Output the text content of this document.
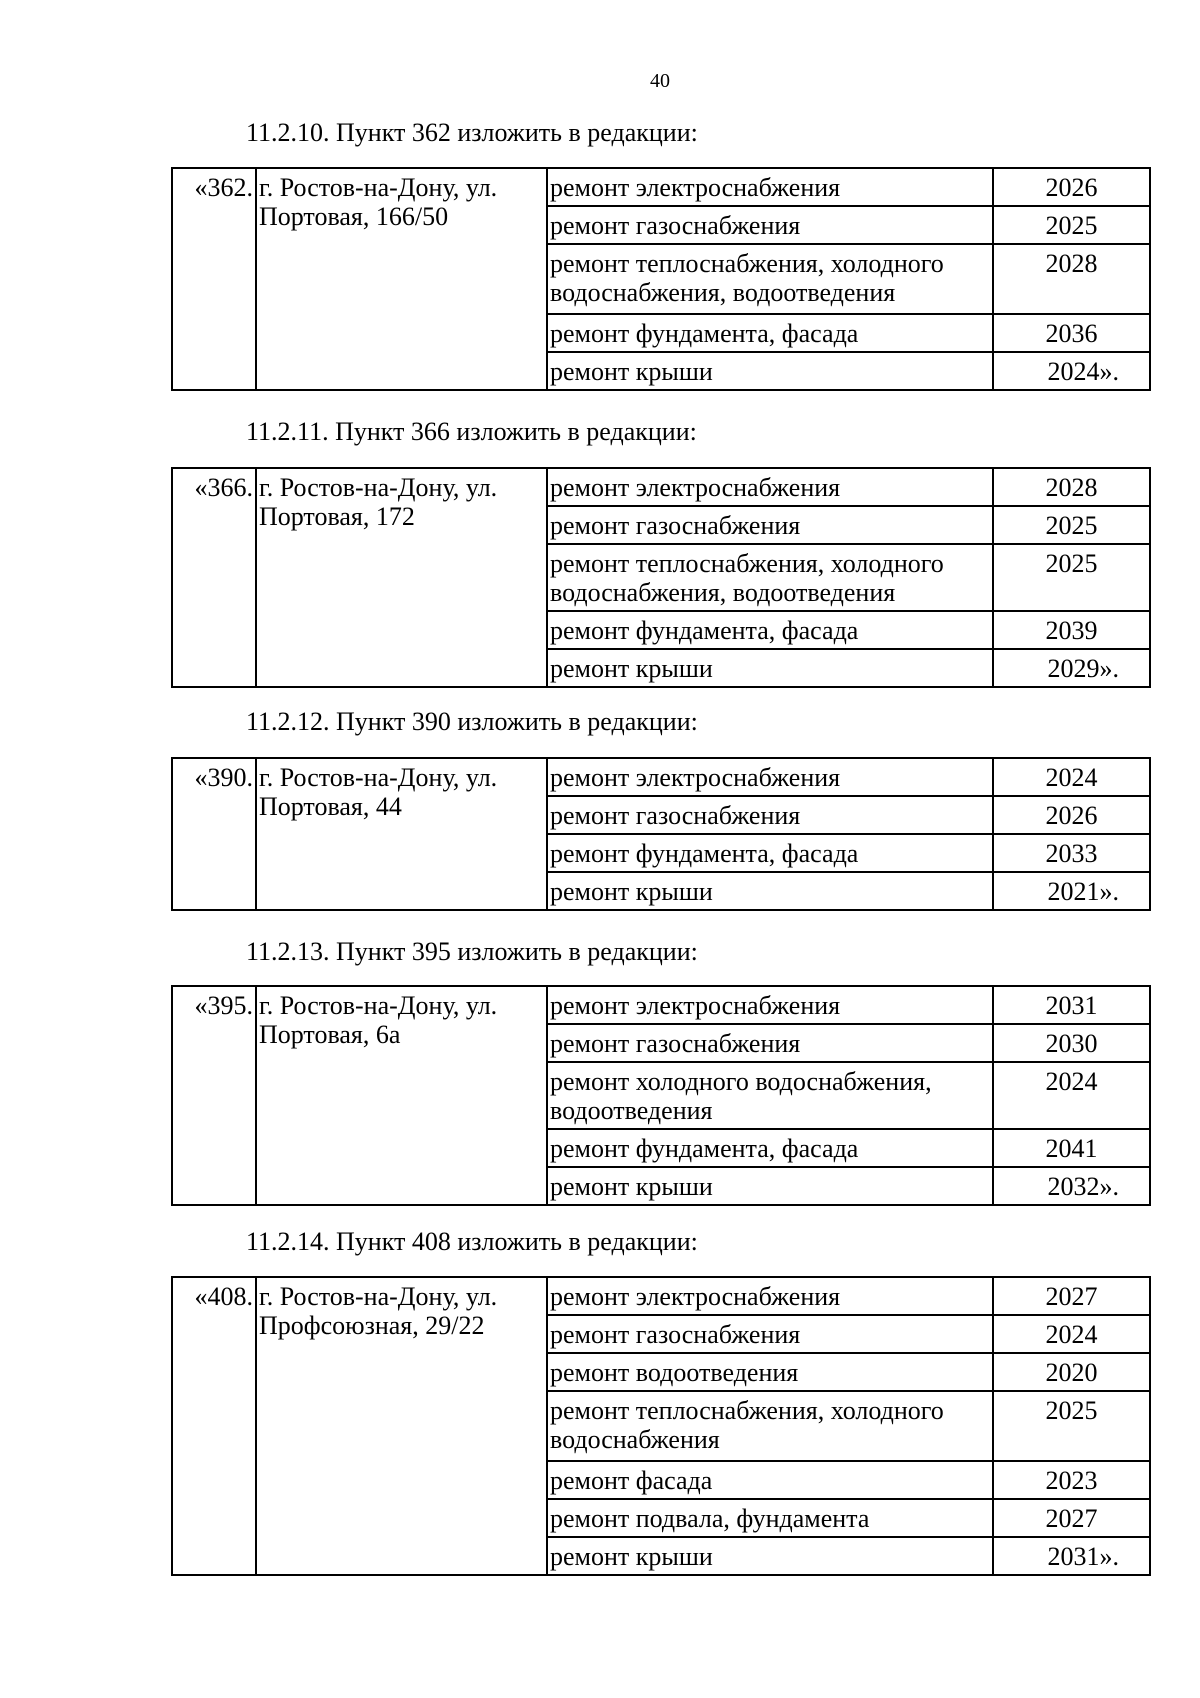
40
11.2.10. Пункт 362 изложить в редакции:
«362.	г. Ростов-на-Дону, ул. Портовая, 166/50	ремонт электроснабжения	2026
		ремонт газоснабжения	2025
		ремонт теплоснабжения, холодного водоснабжения, водоотведения	2028
		ремонт фундамента, фасада	2036
		ремонт крыши	2024».
11.2.11. Пункт 366 изложить в редакции:
«366.	г. Ростов-на-Дону, ул. Портовая, 172	ремонт электроснабжения	2028
		ремонт газоснабжения	2025
		ремонт теплоснабжения, холодного водоснабжения, водоотведения	2025
		ремонт фундамента, фасада	2039
		ремонт крыши	2029».
11.2.12. Пункт 390 изложить в редакции:
«390.	г. Ростов-на-Дону, ул. Портовая, 44	ремонт электроснабжения	2024
		ремонт газоснабжения	2026
		ремонт фундамента, фасада	2033
		ремонт крыши	2021».
11.2.13. Пункт 395 изложить в редакции:
«395.	г. Ростов-на-Дону, ул. Портовая, 6а	ремонт электроснабжения	2031
		ремонт газоснабжения	2030
		ремонт холодного водоснабжения, водоотведения	2024
		ремонт фундамента, фасада	2041
		ремонт крыши	2032».
11.2.14. Пункт 408 изложить в редакции:
«408.	г. Ростов-на-Дону, ул. Профсоюзная, 29/22	ремонт электроснабжения	2027
		ремонт газоснабжения	2024
		ремонт водоотведения	2020
		ремонт теплоснабжения, холодного водоснабжения	2025
		ремонт фасада	2023
		ремонт подвала, фундамента	2027
		ремонт крыши	2031».
